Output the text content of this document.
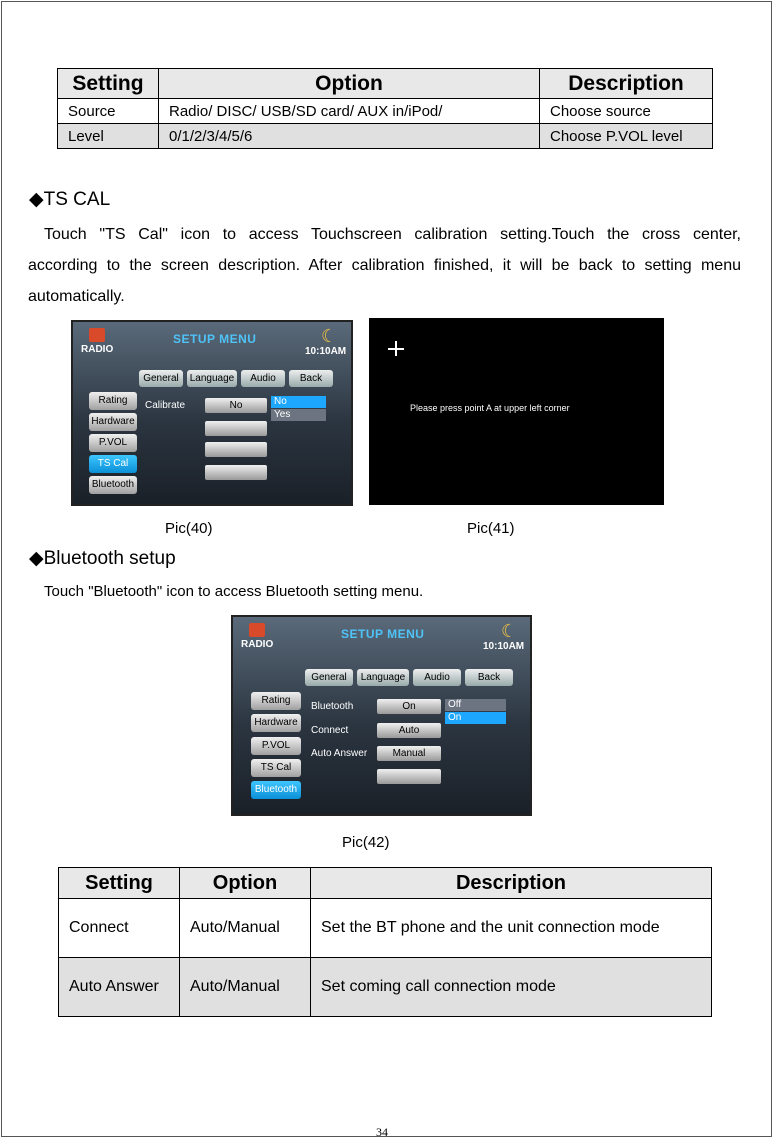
Setting	Option	Description
Source	Radio/ DISC/ USB/SD card/ AUX in/iPod/	Choose source
Level	0/1/2/3/4/5/6	Choose P.VOL level
◆TS CAL
Touch "TS Cal" icon to access Touchscreen calibration setting.Touch the cross center,
according to the screen description. After calibration finished, it will be back to setting menu
automatically.
RADIO
SETUP MENU	☾
10:10AM
General	Language	Audio	Back
Rating
Hardware
P.VOL
TS Cal
Bluetooth
Calibrate	No	No
Yes
Please press point A at upper left corner
Pic(40)	Pic(41)
◆Bluetooth setup
Touch "Bluetooth" icon to access Bluetooth setting menu.
RADIO
SETUP MENU	☾
10:10AM
General	Language	Audio	Back
Rating
Hardware
P.VOL
TS Cal
Bluetooth
Bluetooth
Connect
Auto Answer
On
Auto
Manual
Off
On
Pic(42)
Setting	Option	Description
Connect	Auto/Manual	Set the BT phone and the unit connection mode
Auto Answer	Auto/Manual	Set coming call connection mode
34
